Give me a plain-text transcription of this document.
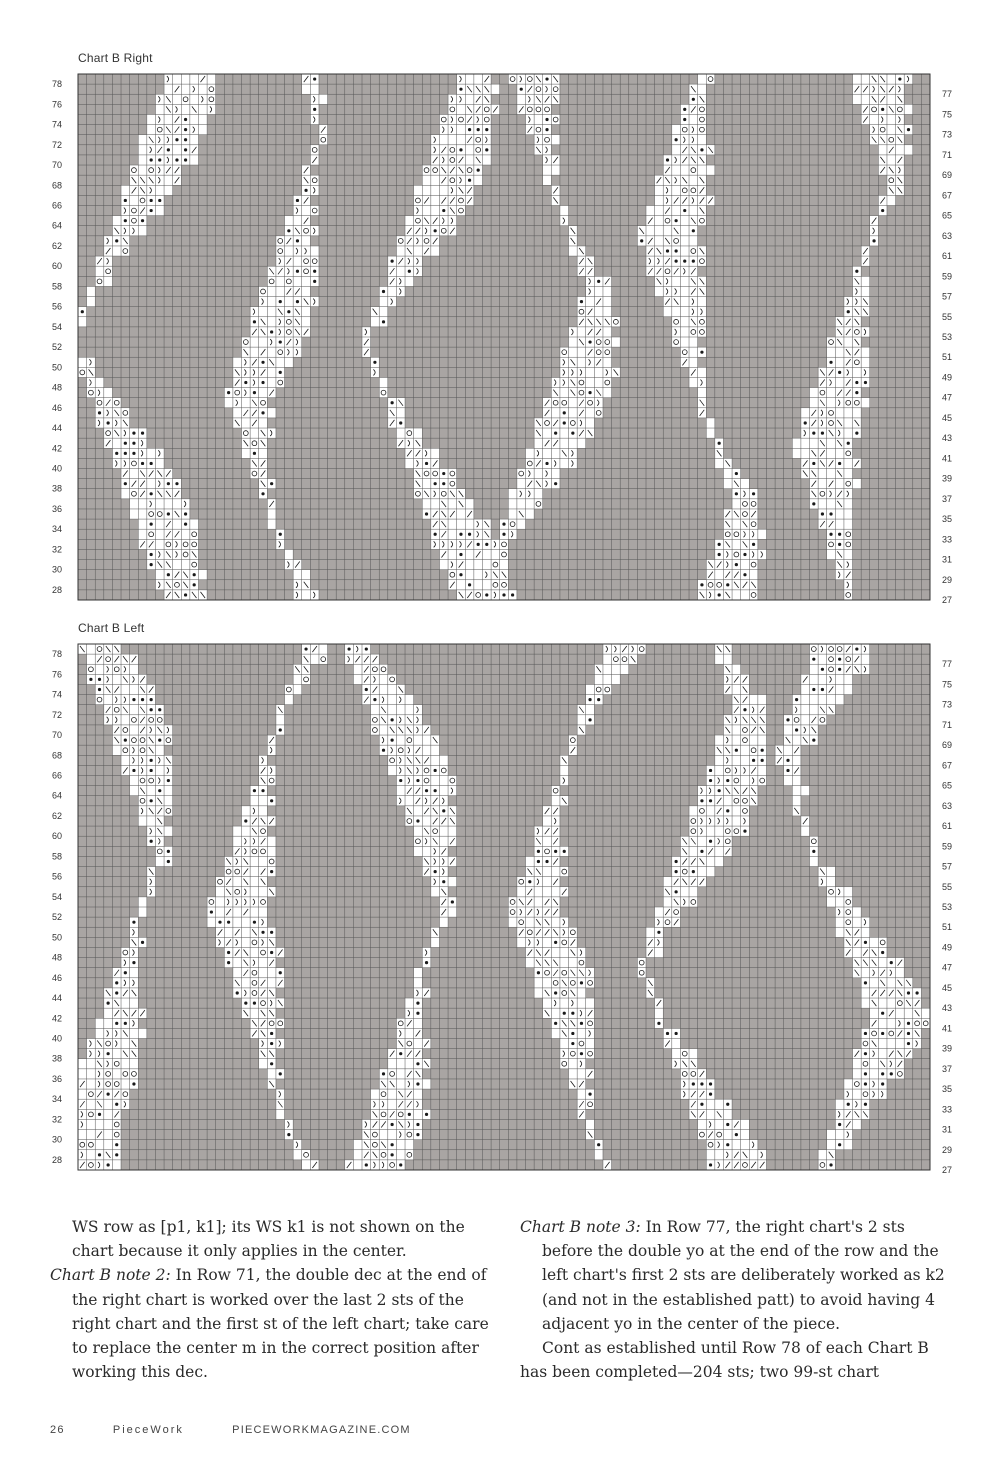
Chart B Right
78
76
74
72
70
68
66
64
62
60
58
56
54
52
50
48
46
44
42
40
38
36
34
32
30
28
77
75
73
71
69
67
65
63
61
59
57
55
53
51
49
47
45
43
41
39
37
35
33
31
29
27
Chart B Left
78
76
74
72
70
68
66
64
62
60
58
56
54
52
50
48
46
44
42
40
38
36
34
32
30
28
77
75
73
71
69
67
65
63
61
59
57
55
53
51
49
47
45
43
41
39
37
35
33
31
29
27

WS row as [p1, k1]; its WS k1 is not shown on the
chart because it only applies in the center.

Chart B note 2: In Row 71, the double dec at the end of the right chart is worked over the last 2 sts of the right chart and the first st of the left chart; take care to replace the center m in the correct position after working this dec.

Chart B note 3: In Row 77, the right chart's 2 sts before the double yo at the end of the row and the left chart's first 2 sts are deliberately worked as k2 (and not in the established patt) to avoid having 4 adjacent yo in the center of the piece.

Cont as established until Row 78 of each Chart B has been completed—204 sts; two 99-st chart

26	PieceWork	PIECEWORKMAGAZINE.COM
